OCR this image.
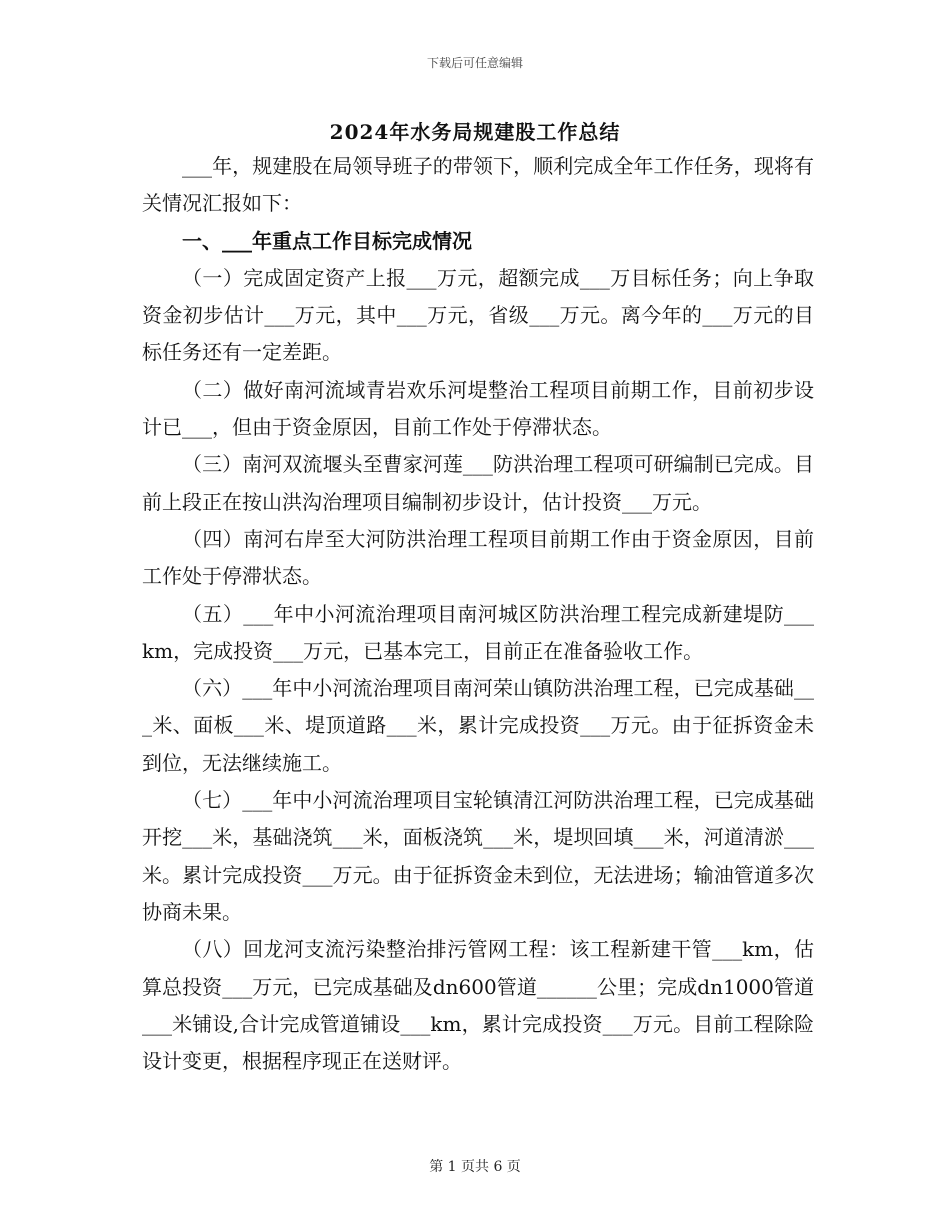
下载后可任意编辑
2024年水务局规建股工作总结

___年，规建股在局领导班子的带领下，顺利完成全年工作任务，现将有关情况汇报如下：

一、___年重点工作目标完成情况

（一）完成固定资产上报___万元，超额完成___万目标任务；向上争取资金初步估计___万元，其中___万元，省级___万元。离今年的___万元的目标任务还有一定差距。

（二）做好南河流域青岩欢乐河堤整治工程项目前期工作，目前初步设计已___，但由于资金原因，目前工作处于停滞状态。

（三）南河双流堰头至曹家河莲___防洪治理工程项可研编制已完成。目前上段正在按山洪沟治理项目编制初步设计，估计投资___万元。

（四）南河右岸至大河防洪治理工程项目前期工作由于资金原因，目前工作处于停滞状态。

（五）___年中小河流治理项目南河城区防洪治理工程完成新建堤防___km，完成投资___万元，已基本完工，目前正在准备验收工作。

（六）___年中小河流治理项目南河荣山镇防洪治理工程，已完成基础___米、面板___米、堤顶道路___米，累计完成投资___万元。由于征拆资金未到位，无法继续施工。

（七）___年中小河流治理项目宝轮镇清江河防洪治理工程，已完成基础开挖___米，基础浇筑___米，面板浇筑___米，堤坝回填___米，河道清淤___米。累计完成投资___万元。由于征拆资金未到位，无法进场；输油管道多次协商未果。

（八）回龙河支流污染整治排污管网工程：该工程新建干管___km，估算总投资___万元，已完成基础及dn600管道______公里；完成dn1000管道___米铺设,合计完成管道铺设___km，累计完成投资___万元。目前工程除险设计变更，根据程序现正在送财评。

第 1 页共 6 页
